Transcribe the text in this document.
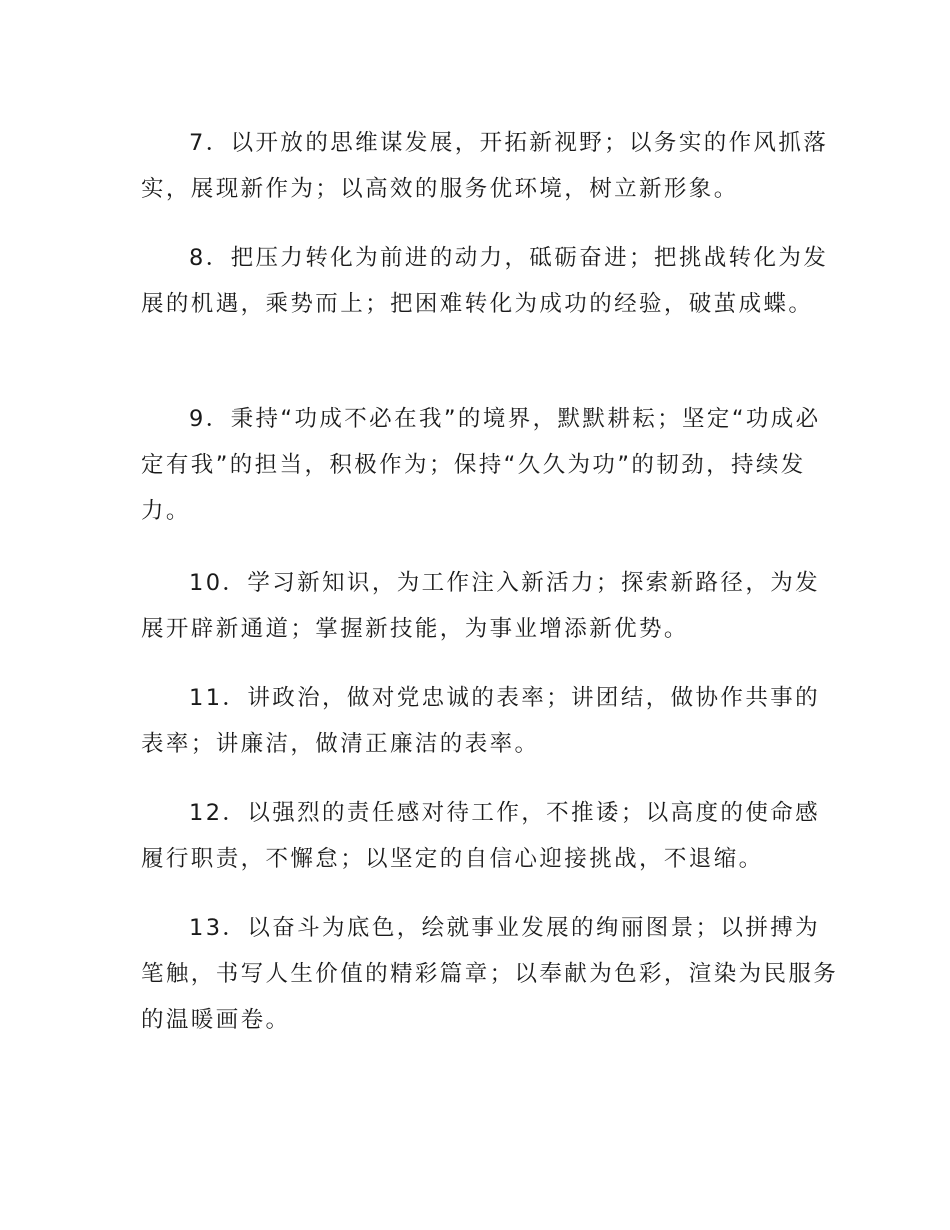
7．以开放的思维谋发展，开拓新视野；以务实的作风抓落实，展现新作为；以高效的服务优环境，树立新形象。

8．把压力转化为前进的动力，砥砺奋进；把挑战转化为发展的机遇，乘势而上；把困难转化为成功的经验，破茧成蝶。

9．秉持“功成不必在我”的境界，默默耕耘；坚定“功成必定有我”的担当，积极作为；保持“久久为功”的韧劲，持续发力。

10．学习新知识，为工作注入新活力；探索新路径，为发展开辟新通道；掌握新技能，为事业增添新优势。

11．讲政治，做对党忠诚的表率；讲团结，做协作共事的表率；讲廉洁，做清正廉洁的表率。

12．以强烈的责任感对待工作，不推诿；以高度的使命感履行职责，不懈怠；以坚定的自信心迎接挑战，不退缩。

13．以奋斗为底色，绘就事业发展的绚丽图景；以拼搏为笔触，书写人生价值的精彩篇章；以奉献为色彩，渲染为民服务的温暖画卷。
